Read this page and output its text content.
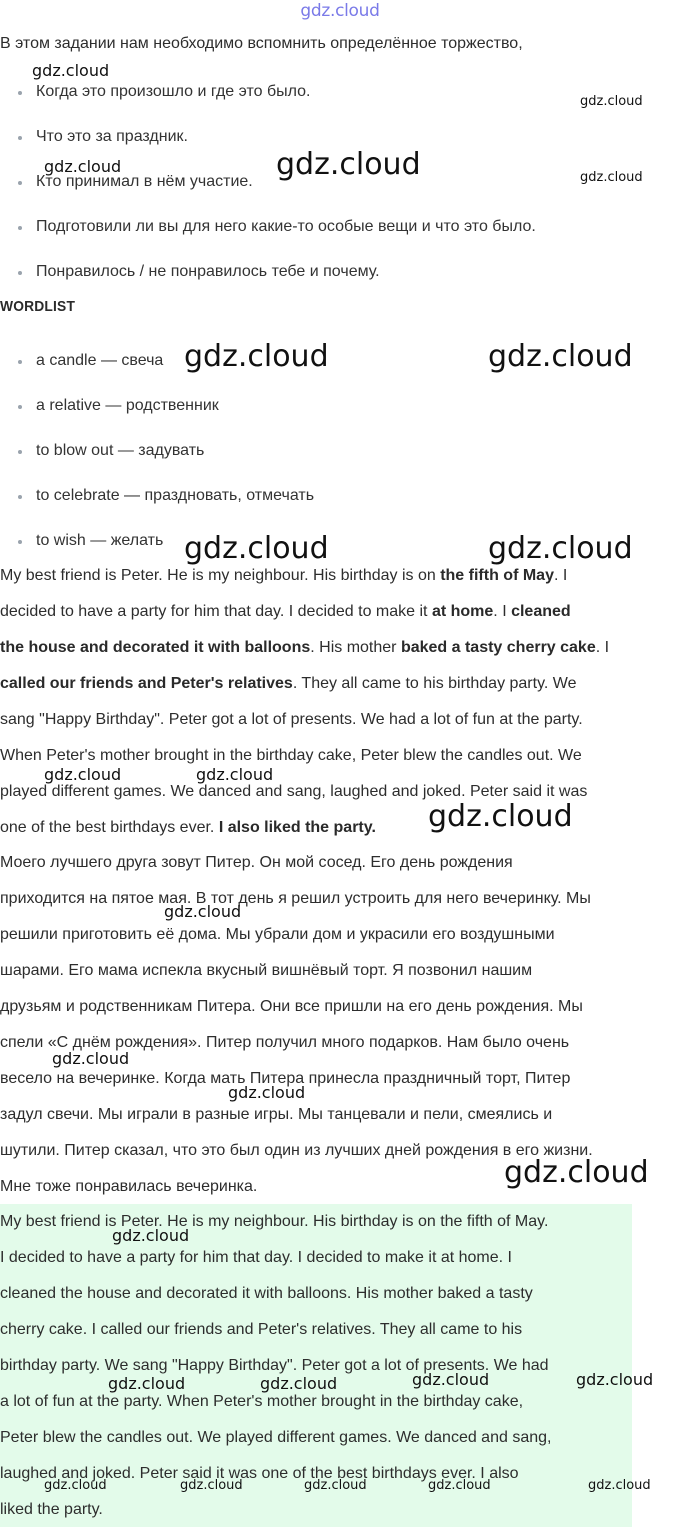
gdz.cloud

В этом задании нам необходимо вспомнить определённое торжество,

Когда это произошло и где это было.
Что это за праздник.
Кто принимал в нём участие.
Подготовили ли вы для него какие-то особые вещи и что это было.
Понравилось / не понравилось тебе и почему.
WORDLIST
a candle — свеча
a relative — родственник
to blow out — задувать
to celebrate — праздновать, отмечать
to wish — желать
My best friend is Peter. He is my neighbour. His birthday is on the fifth of May. I
decided to have a party for him that day. I decided to make it at home. I cleaned
the house and decorated it with balloons. His mother baked a tasty cherry cake. I
called our friends and Peter's relatives. They all came to his birthday party. We
sang "Happy Birthday". Peter got a lot of presents. We had a lot of fun at the party.
When Peter's mother brought in the birthday cake, Peter blew the candles out. We
played different games. We danced and sang, laughed and joked. Peter said it was
one of the best birthdays ever. I also liked the party.
Моего лучшего друга зовут Питер. Он мой сосед. Его день рождения
приходится на пятое мая. В тот день я решил устроить для него вечеринку. Мы
решили приготовить её дома. Мы убрали дом и украсили его воздушными
шарами. Его мама испекла вкусный вишнёвый торт. Я позвонил нашим
друзьям и родственникам Питера. Они все пришли на его день рождения. Мы
спели «С днём рождения». Питер получил много подарков. Нам было очень
весело на вечеринке. Когда мать Питера принесла праздничный торт, Питер
задул свечи. Мы играли в разные игры. Мы танцевали и пели, смеялись и
шутили. Питер сказал, что это был один из лучших дней рождения в его жизни.
Мне тоже понравилась вечеринка.
My best friend is Peter. He is my neighbour. His birthday is on the fifth of May.
I decided to have a party for him that day. I decided to make it at home. I
cleaned the house and decorated it with balloons. His mother baked a tasty
cherry cake. I called our friends and Peter's relatives. They all came to his
birthday party. We sang "Happy Birthday". Peter got a lot of presents. We had
a lot of fun at the party. When Peter's mother brought in the birthday cake,
Peter blew the candles out. We played different games. We danced and sang,
laughed and joked. Peter said it was one of the best birthdays ever. I also
liked the party.
gdz.cloud
gdz.cloud
gdz.cloud	gdz.cloud	gdz.cloud
gdz.cloud	gdz.cloud
gdz.cloud	gdz.cloud
gdz.cloud	gdz.cloud
gdz.cloud
gdz.cloud
gdz.cloud
gdz.cloud
gdz.cloud
gdz.cloud
gdz.cloud	gdz.cloud	gdz.cloud	gdz.cloud
gdz.cloud	gdz.cloud	gdz.cloud	gdz.cloud	gdz.cloud
